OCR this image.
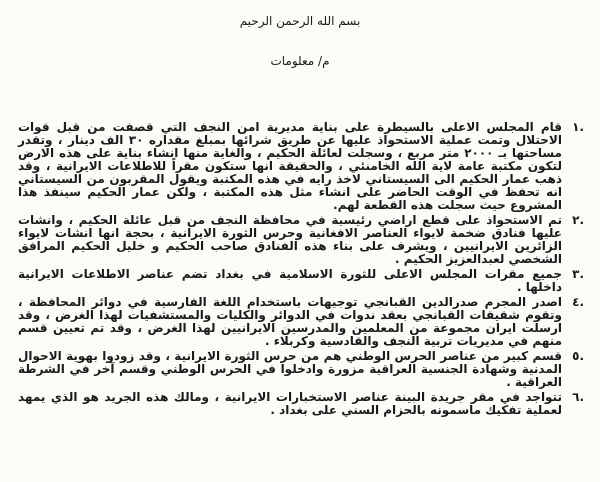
بسم الله الرحمن الرحيم
م/ معلومات
١.
قام المجلس الاعلى بالسيطرة على بناية مديرية امن النجف التي قصفت من قبل قوات الاحتلال وتمت عملية الاستحواذ عليها عن طريق شرائها بمبلغ مقداره ٣٠ الف دينار ، وتقدر مساحتها بـ ٢٠٠٠ متر مربع ، وسجلت لعائلة الحكيم ، والغاية منها انشاء بناية على هذه الارض لتكون مكتبة عامة لاية الله الخامنئي ، والحقيقة انها ستكون مقراً للاطلاعات الايرانية ، وقد ذهب عمار الحكيم الى السيستاني لاخذ رايه في هذه المكتبة ويقول المقربون من السيستاني انه تحفظ في الوقت الحاضر على انشاء مثل هذه المكتبة ، ولكن عمار الحكيم سينفذ هذا المشروع حيث سجلت هذه القطعة لهم.
٢.
تم الاستحواذ على قطع اراضي رئيسية في محافظة النجف من قبل عائلة الحكيم ، وانشات عليها فنادق ضخمة لايواء العناصر الافغانية وحرس الثورة الايرانية ، بحجة انها انشات لايواء الزائرين الايرانيين ، ويشرف على بناء هذه الفنادق صاحب الحكيم و خليل الحكيم المرافق الشخصي لعبدالعزيز الحكيم .
٣.
جميع مقرات المجلس الاعلى للثورة الاسلامية في بغداد تضم عناصر الاطلاعات الايرانية داخلها .
٤.
اصدر المجرم صدرالدين القبانجي توجيهات باستخدام اللغة الفارسية في دوائر المحافظة ، وتقوم شقيقات القبانجي بعقد ندوات في الدوائر والكليات والمستشفيات لهذا الغرض ، وقد ارسلت ايران مجموعة من المعلمين والمدرسين الايرانيين لهذا الغرض ، وقد تم تعيين قسم منهم في مديريات تربية النجف والقادسية وكربلاء .
٥.
قسم كبير من عناصر الحرس الوطني هم من حرس الثورة الايرانية ، وقد زودوا بهوية الاحوال المدنية وشهادة الجنسية العراقية مزورة وادخلوا في الحرس الوطني وقسم آخر في الشرطة العراقية .
٦.
تتواجد في مقر جريدة البينة عناصر الاستخبارات الايرانية ، ومالك هذه الجريد هو الذي يمهد لعملية تفكيك ماسمونه بالحزام السني على بغداد .
